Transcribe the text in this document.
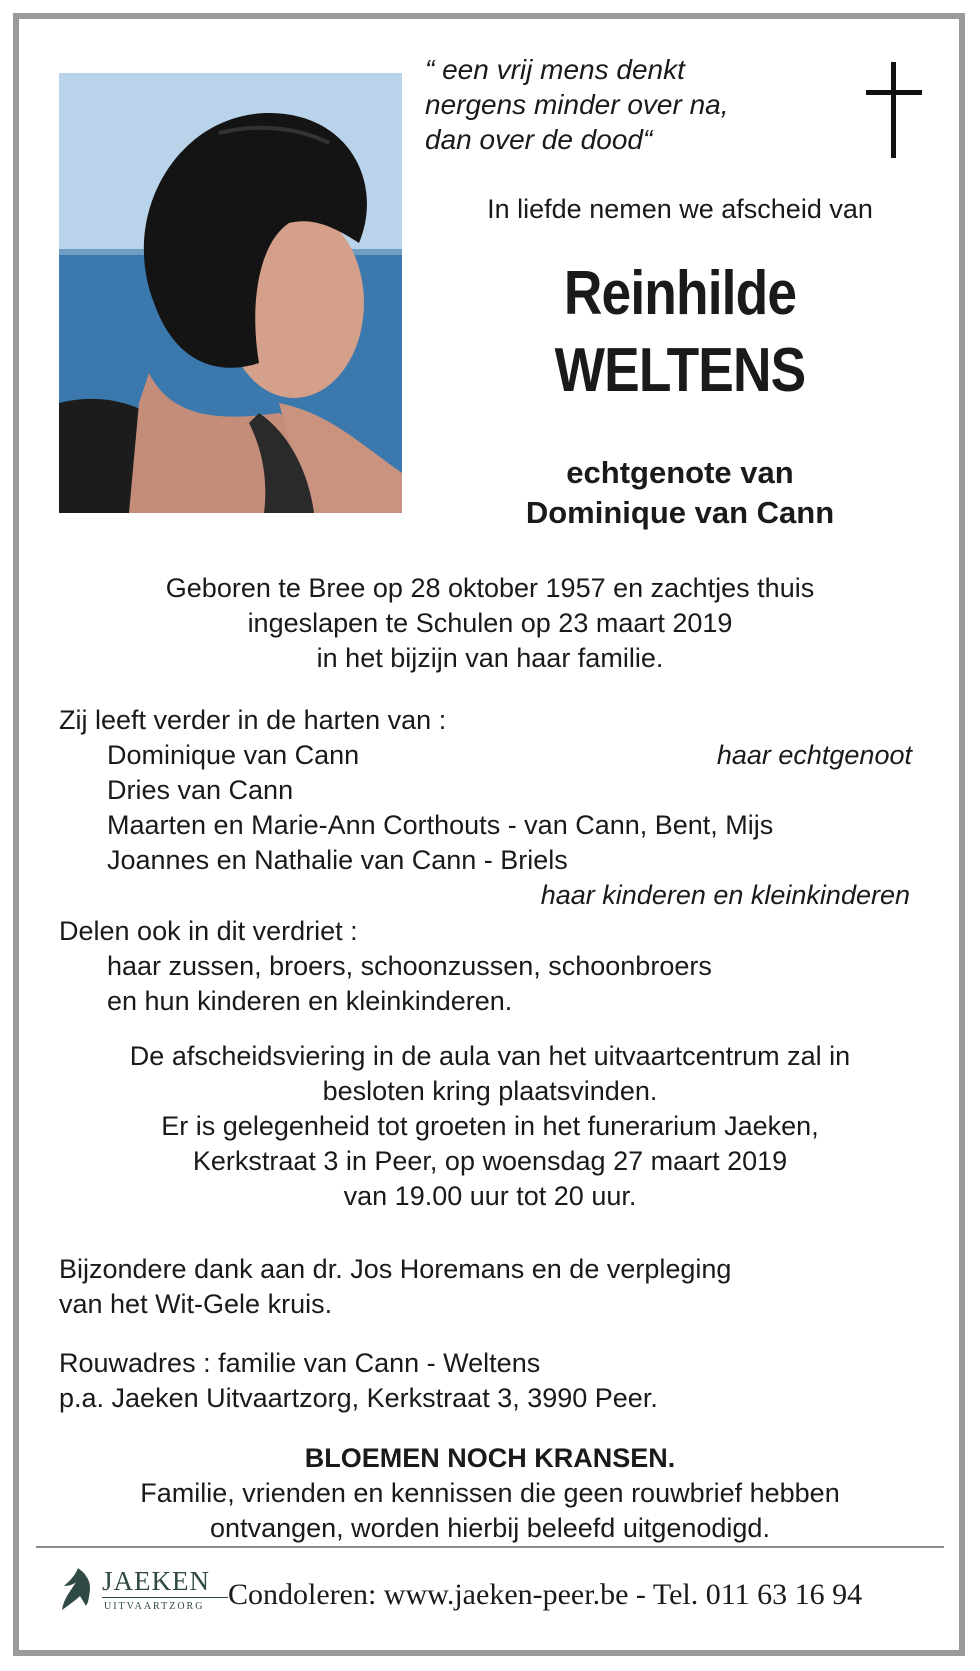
“ een vrij mens denkt
nergens minder over na,
dan over de dood“
In liefde nemen we afscheid van
Reinhilde
WELTENS
echtgenote van
Dominique van Cann
Geboren te Bree op 28 oktober 1957 en zachtjes thuis
ingeslapen te Schulen op 23 maart 2019
in het bijzijn van haar familie.
Zij leeft verder in de harten van :
Dominique van Cann	haar echtgenoot
Dries van Cann
Maarten en Marie-Ann Corthouts - van Cann, Bent, Mijs
Joannes en Nathalie van Cann - Briels
haar kinderen en kleinkinderen
Delen ook in dit verdriet :
haar zussen, broers, schoonzussen, schoonbroers
en hun kinderen en kleinkinderen.
De afscheidsviering in de aula van het uitvaartcentrum zal in
besloten kring plaatsvinden.
Er is gelegenheid tot groeten in het funerarium Jaeken,
Kerkstraat 3 in Peer, op woensdag 27 maart 2019
van 19.00 uur tot 20 uur.
Bijzondere dank aan dr. Jos Horemans en de verpleging
van het Wit-Gele kruis.
Rouwadres : familie van Cann - Weltens
p.a. Jaeken Uitvaartzorg, Kerkstraat 3, 3990 Peer.
BLOEMEN NOCH KRANSEN.
Familie, vrienden en kennissen die geen rouwbrief hebben
ontvangen, worden hierbij beleefd uitgenodigd.
JAEKEN
UITVAARTZORG Condoleren: www.jaeken-peer.be - Tel. 011 63 16 94
